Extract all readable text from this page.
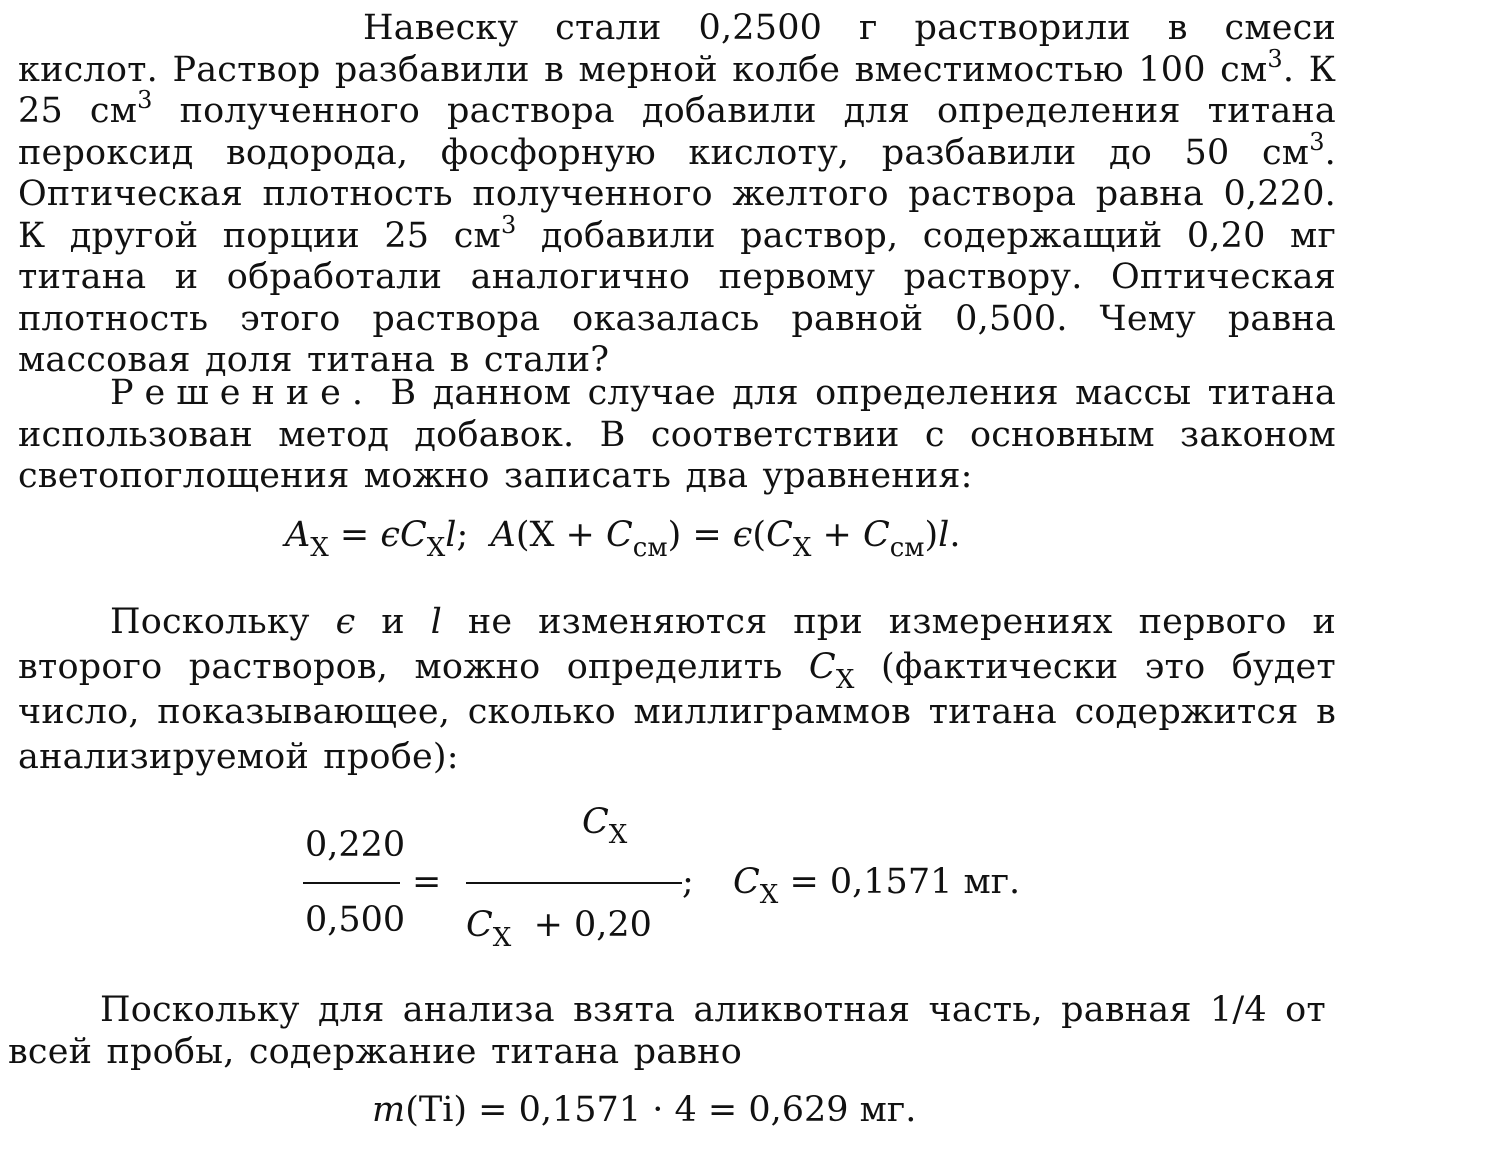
Навеску стали 0,2500 г растворили в смеси кислот. Раствор разбавили в мерной колбе вместимостью 100 $см^3$. К 25 $см^3$ полученного раствора добавили для определения титана пероксид водорода, фосфорную кислоту, разбавили до 50 $см^3$. Оптическая плотность полученного желтого раствора равна 0,220. К другой порции 25 $см^3$ добавили раствор, содержащий 0,20 мг титана и обработали аналогично первому раствору. Оптическая плотность этого раствора оказалась равной 0,500. Чему равна массовая доля титана в стали?
Решение. В данном случае для определения массы титана использован метод добавок. В соответствии с основным законом светопоглощения можно записать два уравнения:
$A_X = \epsilon C_Xl$; $A(X + C_{см}) = \epsilon(C_X + C_{см})l$.
Поскольку ϵ и l не изменяются при измерениях первого и второго растворов, можно определить $C_X$ (фактически это будет число, показывающее, сколько миллиграммов титана содержится в анализируемой пробе):
0,220
0,500
=
$C_X$
$C_X + 0,20$
; $C_X = 0,1571$ мг.
Поскольку для анализа взята аликвотная часть, равная 1/4 от всей пробы, содержание титана равно
m(Ti) = 0,1571 · 4 = 0,629 мг.
